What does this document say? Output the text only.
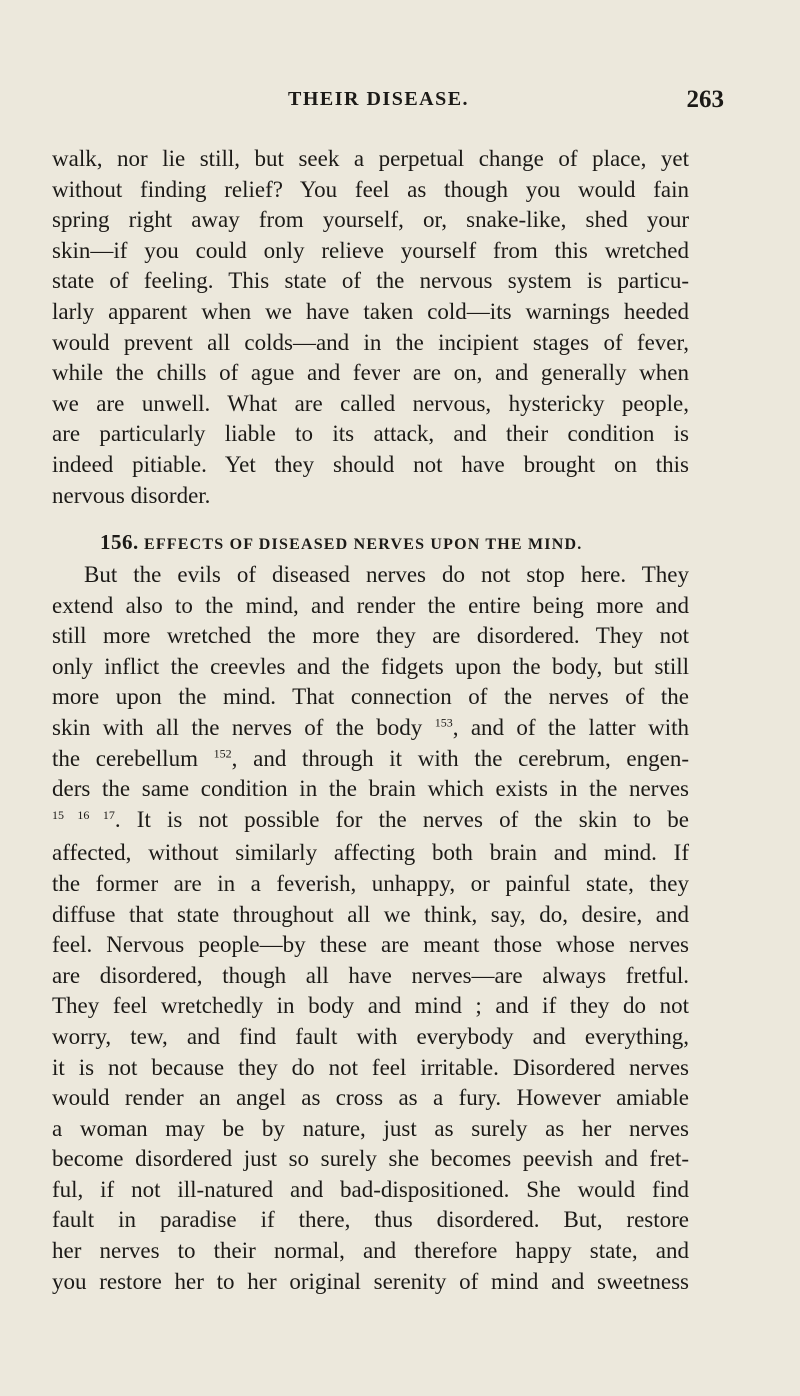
THEIR DISEASE.	263
walk, nor lie still, but seek a perpetual change of place, yet
without finding relief? You feel as though you would fain
spring right away from yourself, or, snake-like, shed your
skin—if you could only relieve yourself from this wretched
state of feeling. This state of the nervous system is particu-
larly apparent when we have taken cold—its warnings heeded
would prevent all colds—and in the incipient stages of fever,
while the chills of ague and fever are on, and generally when
we are unwell. What are called nervous, hystericky people,
are particularly liable to its attack, and their condition is
indeed pitiable. Yet they should not have brought on this
nervous disorder.
156. EFFECTS OF DISEASED NERVES UPON THE MIND.
But the evils of diseased nerves do not stop here. They
extend also to the mind, and render the entire being more and
still more wretched the more they are disordered. They not
only inflict the creevles and the fidgets upon the body, but still
more upon the mind. That connection of the nerves of the
skin with all the nerves of the body $^{153}$, and of the latter with
the cerebellum $^{152}$, and through it with the cerebrum, engen-
ders the same condition in the brain which exists in the nerves
$^{15 16 17}$. It is not possible for the nerves of the skin to be
affected, without similarly affecting both brain and mind. If
the former are in a feverish, unhappy, or painful state, they
diffuse that state throughout all we think, say, do, desire, and
feel. Nervous people—by these are meant those whose nerves
are disordered, though all have nerves—are always fretful.
They feel wretchedly in body and mind ; and if they do not
worry, tew, and find fault with everybody and everything,
it is not because they do not feel irritable. Disordered nerves
would render an angel as cross as a fury. However amiable
a woman may be by nature, just as surely as her nerves
become disordered just so surely she becomes peevish and fret-
ful, if not ill-natured and bad-dispositioned. She would find
fault in paradise if there, thus disordered. But, restore
her nerves to their normal, and therefore happy state, and
you restore her to her original serenity of mind and sweetness
